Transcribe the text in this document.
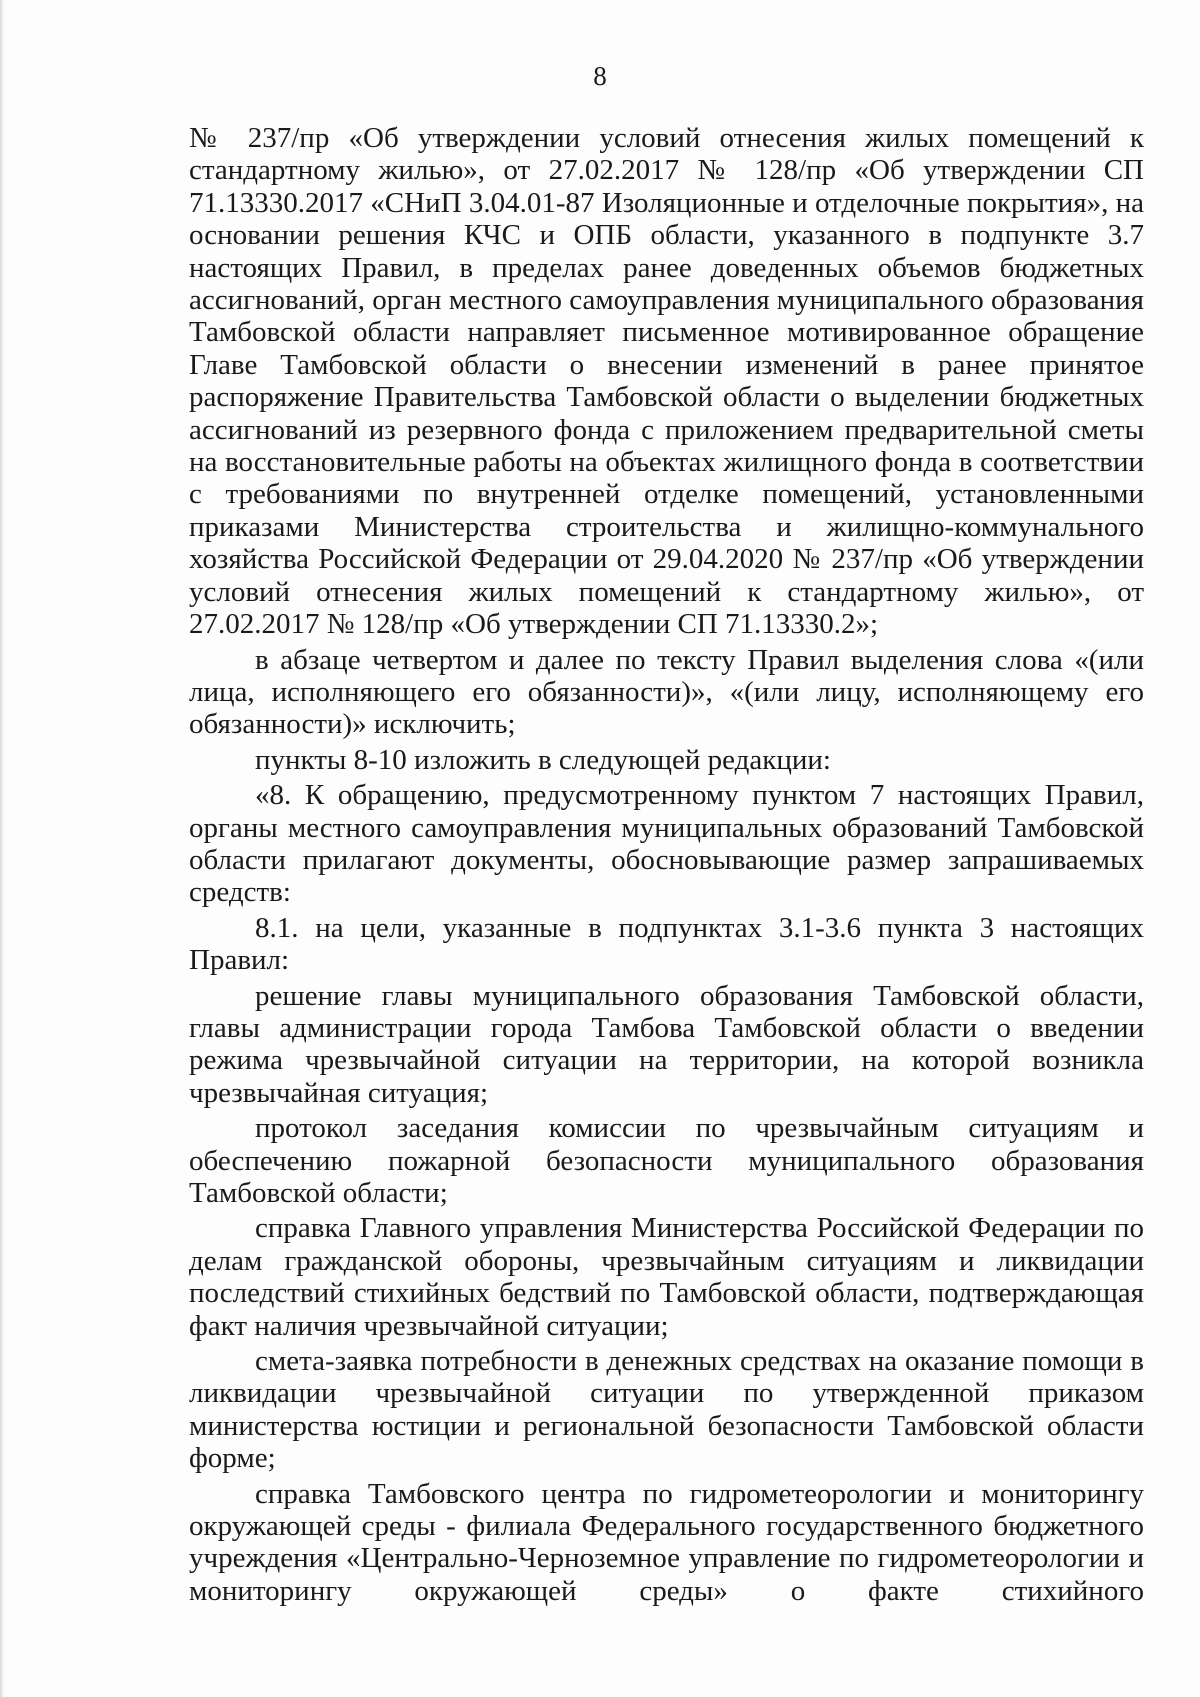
8

№ 237/пр «Об утверждении условий отнесения жилых помещений к стандартному жилью», от 27.02.2017 № 128/пр «Об утверждении СП 71.13330.2017 «СНиП 3.04.01-87 Изоляционные и отделочные покрытия», на основании решения КЧС и ОПБ области, указанного в подпункте 3.7 настоящих Правил, в пределах ранее доведенных объемов бюджетных ассигнований, орган местного самоуправления муниципального образования Тамбовской области направляет письменное мотивированное обращение Главе Тамбовской области о внесении изменений в ранее принятое распоряжение Правительства Тамбовской области о выделении бюджетных ассигнований из резервного фонда с приложением предварительной сметы на восстановительные работы на объектах жилищного фонда в соответствии с требованиями по внутренней отделке помещений, установленными приказами Министерства строительства и жилищно-коммунального хозяйства Российской Федерации от 29.04.2020 № 237/пр «Об утверждении условий отнесения жилых помещений к стандартному жилью», от 27.02.2017 № 128/пр «Об утверждении СП 71.13330.2»;

в абзаце четвертом и далее по тексту Правил выделения слова «(или лица, исполняющего его обязанности)», «(или лицу, исполняющему его обязанности)» исключить;

пункты 8-10 изложить в следующей редакции:

«8. К обращению, предусмотренному пунктом 7 настоящих Правил, органы местного самоуправления муниципальных образований Тамбовской области прилагают документы, обосновывающие размер запрашиваемых средств:

8.1. на цели, указанные в подпунктах 3.1-3.6 пункта 3 настоящих Правил:

решение главы муниципального образования Тамбовской области, главы администрации города Тамбова Тамбовской области о введении режима чрезвычайной ситуации на территории, на которой возникла чрезвычайная ситуация;

протокол заседания комиссии по чрезвычайным ситуациям и обеспечению пожарной безопасности муниципального образования Тамбовской области;

справка Главного управления Министерства Российской Федерации по делам гражданской обороны, чрезвычайным ситуациям и ликвидации последствий стихийных бедствий по Тамбовской области, подтверждающая факт наличия чрезвычайной ситуации;

смета-заявка потребности в денежных средствах на оказание помощи в ликвидации чрезвычайной ситуации по утвержденной приказом министерства юстиции и региональной безопасности Тамбовской области форме;

справка Тамбовского центра по гидрометеорологии и мониторингу окружающей среды - филиала Федерального государственного бюджетного учреждения «Центрально-Черноземное управление по гидрометеорологии и мониторингу окружающей среды» о факте стихийного
